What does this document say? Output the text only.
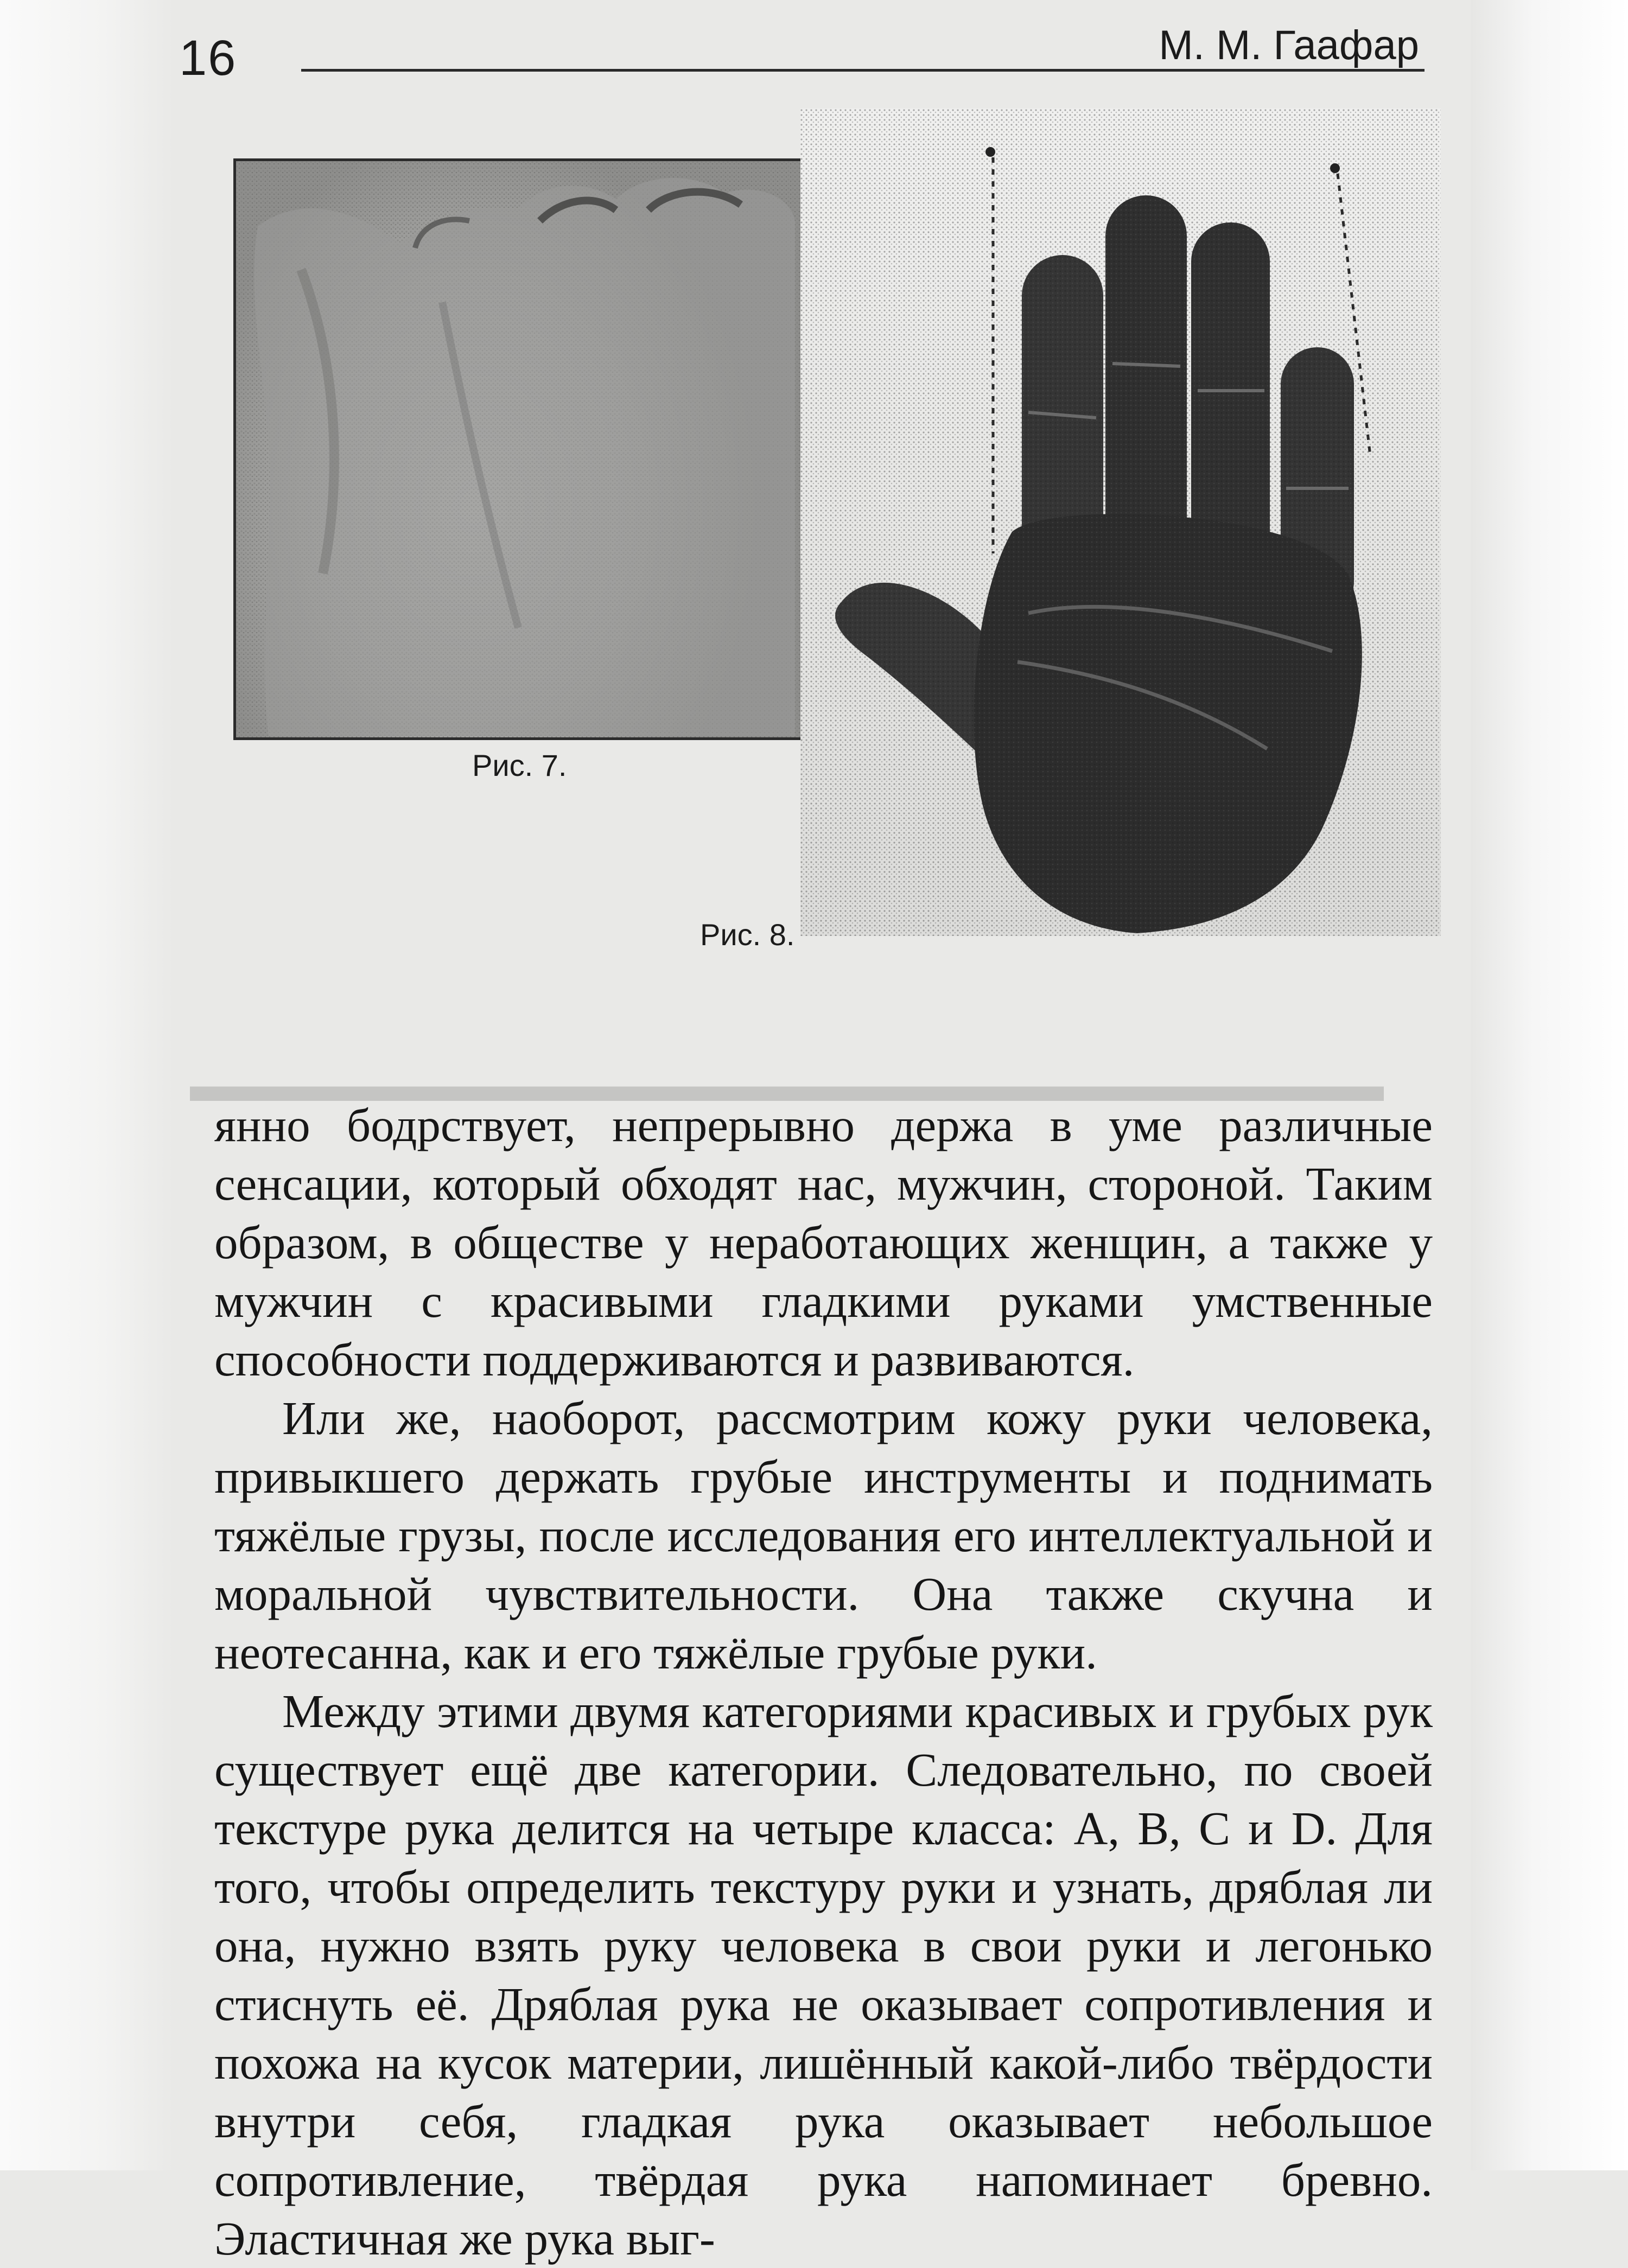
16	М. М. Гаафар
Рис. 7.
Рис. 8.
▬▬▬▬▬▬▬▬▬▬▬▬▬▬▬▬▬▬▬▬▬▬▬▬▬

янно бодрствует, непрерывно держа в уме различные сенсации, который обходят нас, мужчин, стороной. Таким образом, в обществе у неработающих женщин, а также у мужчин с красивыми гладкими руками умственные способности поддерживаются и развиваются.

Или же, наоборот, рассмотрим кожу руки человека, привыкшего держать грубые инструменты и поднимать тяжёлые грузы, после исследования его интеллектуальной и моральной чувствительности. Она также скучна и неотесанна, как и его тяжёлые грубые руки.

Между этими двумя категориями красивых и грубых рук существует ещё две категории. Следовательно, по своей текстуре рука делится на четыре класса: А, В, С и D. Для того, чтобы определить текстуру руки и узнать, дряблая ли она, нужно взять руку человека в свои руки и легонько стиснуть её. Дряблая рука не оказывает сопротивления и похожа на кусок материи, лишённый какой-либо твёрдости внутри себя, гладкая рука оказывает небольшое сопротивление, твёрдая рука напоминает бревно. Эластичная же рука выг-
